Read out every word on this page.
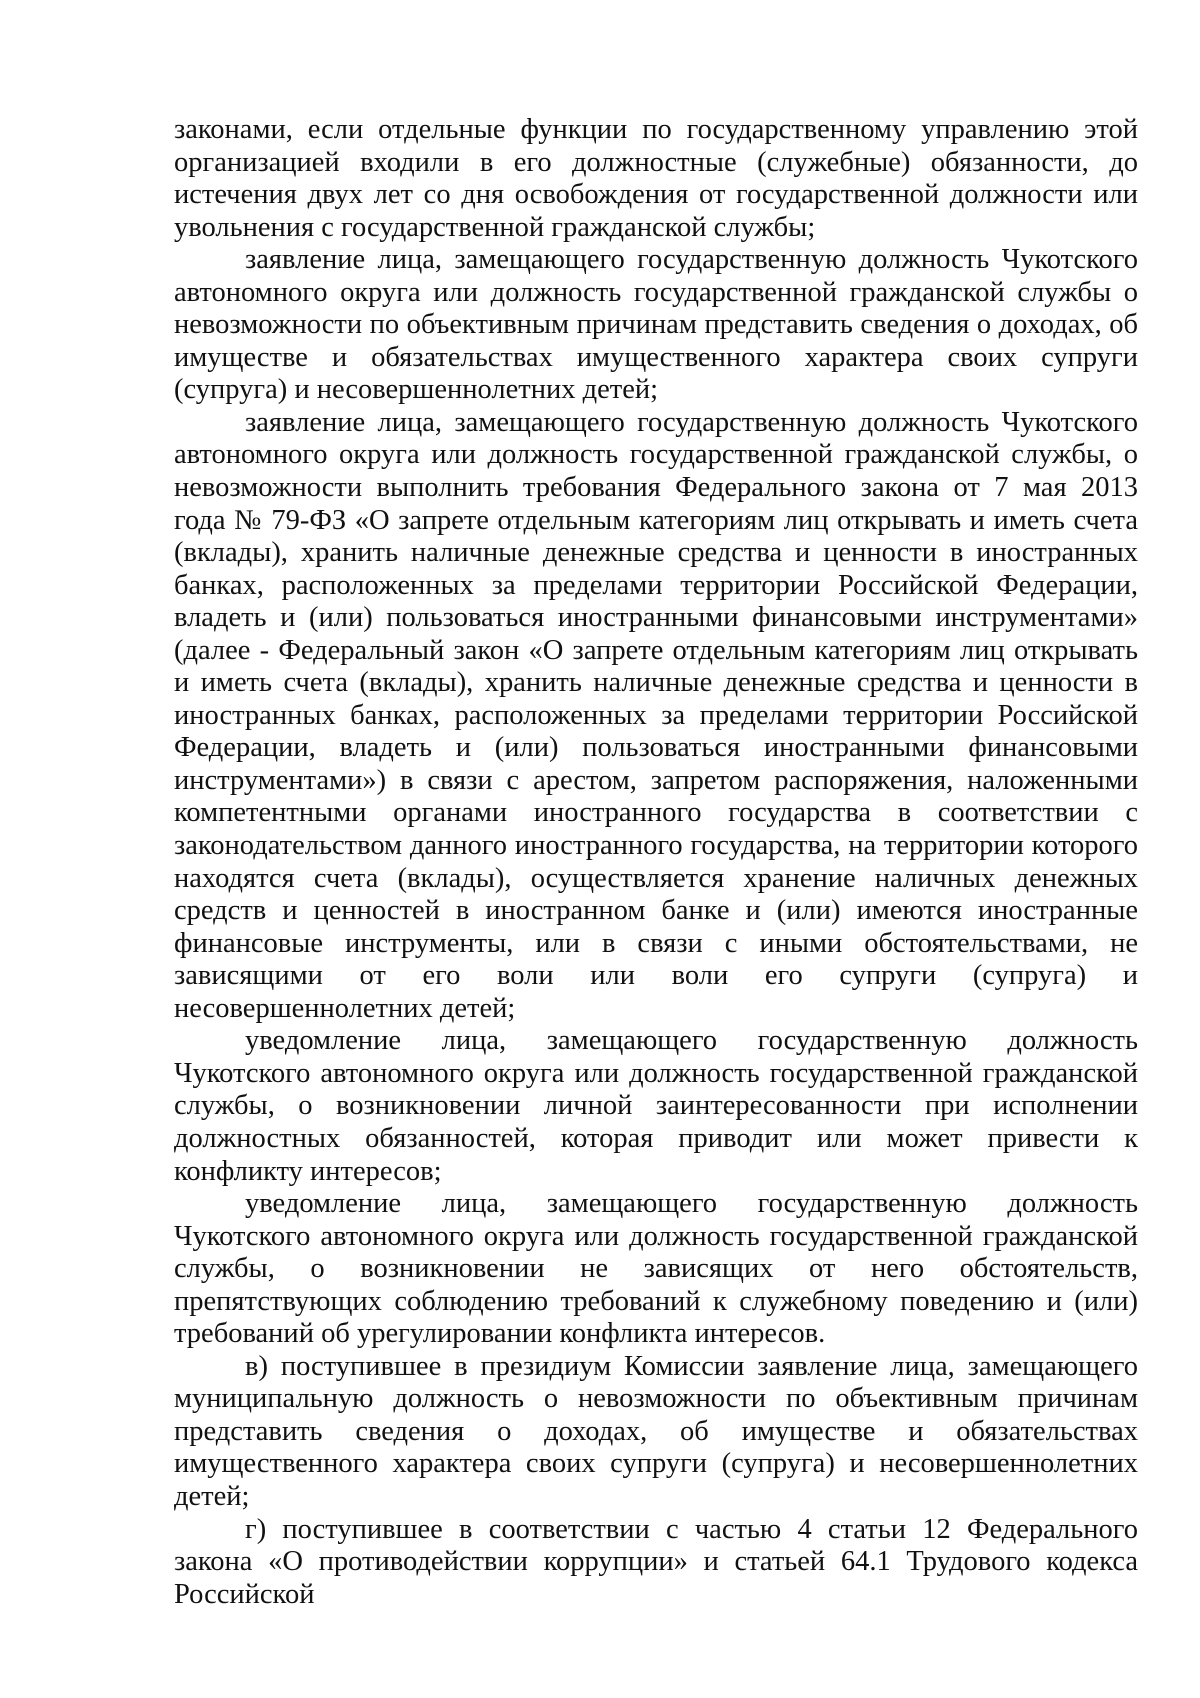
законами, если отдельные функции по государственному управлению этой организацией входили в его должностные (служебные) обязанности, до истечения двух лет со дня освобождения от государственной должности или увольнения с государственной гражданской службы;

заявление лица, замещающего государственную должность Чукотского автономного округа или должность государственной гражданской службы о невозможности по объективным причинам представить сведения о доходах, об имуществе и обязательствах имущественного характера своих супруги (супруга) и несовершеннолетних детей;

заявление лица, замещающего государственную должность Чукотского автономного округа или должность государственной гражданской службы, о невозможности выполнить требования Федерального закона от 7 мая 2013 года № 79-ФЗ «О запрете отдельным категориям лиц открывать и иметь счета (вклады), хранить наличные денежные средства и ценности в иностранных банках, расположенных за пределами территории Российской Федерации, владеть и (или) пользоваться иностранными финансовыми инструментами» (далее - Федеральный закон «О запрете отдельным категориям лиц открывать и иметь счета (вклады), хранить наличные денежные средства и ценности в иностранных банках, расположенных за пределами территории Российской Федерации, владеть и (или) пользоваться иностранными финансовыми инструментами») в связи с арестом, запретом распоряжения, наложенными компетентными органами иностранного государства в соответствии с законодательством данного иностранного государства, на территории которого находятся счета (вклады), осуществляется хранение наличных денежных средств и ценностей в иностранном банке и (или) имеются иностранные финансовые инструменты, или в связи с иными обстоятельствами, не зависящими от его воли или воли его супруги (супруга) и несовершеннолетних детей;

уведомление лица, замещающего государственную должность Чукотского автономного округа или должность государственной гражданской службы, о возникновении личной заинтересованности при исполнении должностных обязанностей, которая приводит или может привести к конфликту интересов;

уведомление лица, замещающего государственную должность Чукотского автономного округа или должность государственной гражданской службы, о возникновении не зависящих от него обстоятельств, препятствующих соблюдению требований к служебному поведению и (или) требований об урегулировании конфликта интересов.

в) поступившее в президиум Комиссии заявление лица, замещающего муниципальную должность о невозможности по объективным причинам представить сведения о доходах, об имуществе и обязательствах имущественного характера своих супруги (супруга) и несовершеннолетних детей;

г) поступившее в соответствии с частью 4 статьи 12 Федерального закона «О противодействии коррупции» и статьей 64.1 Трудового кодекса Российской
